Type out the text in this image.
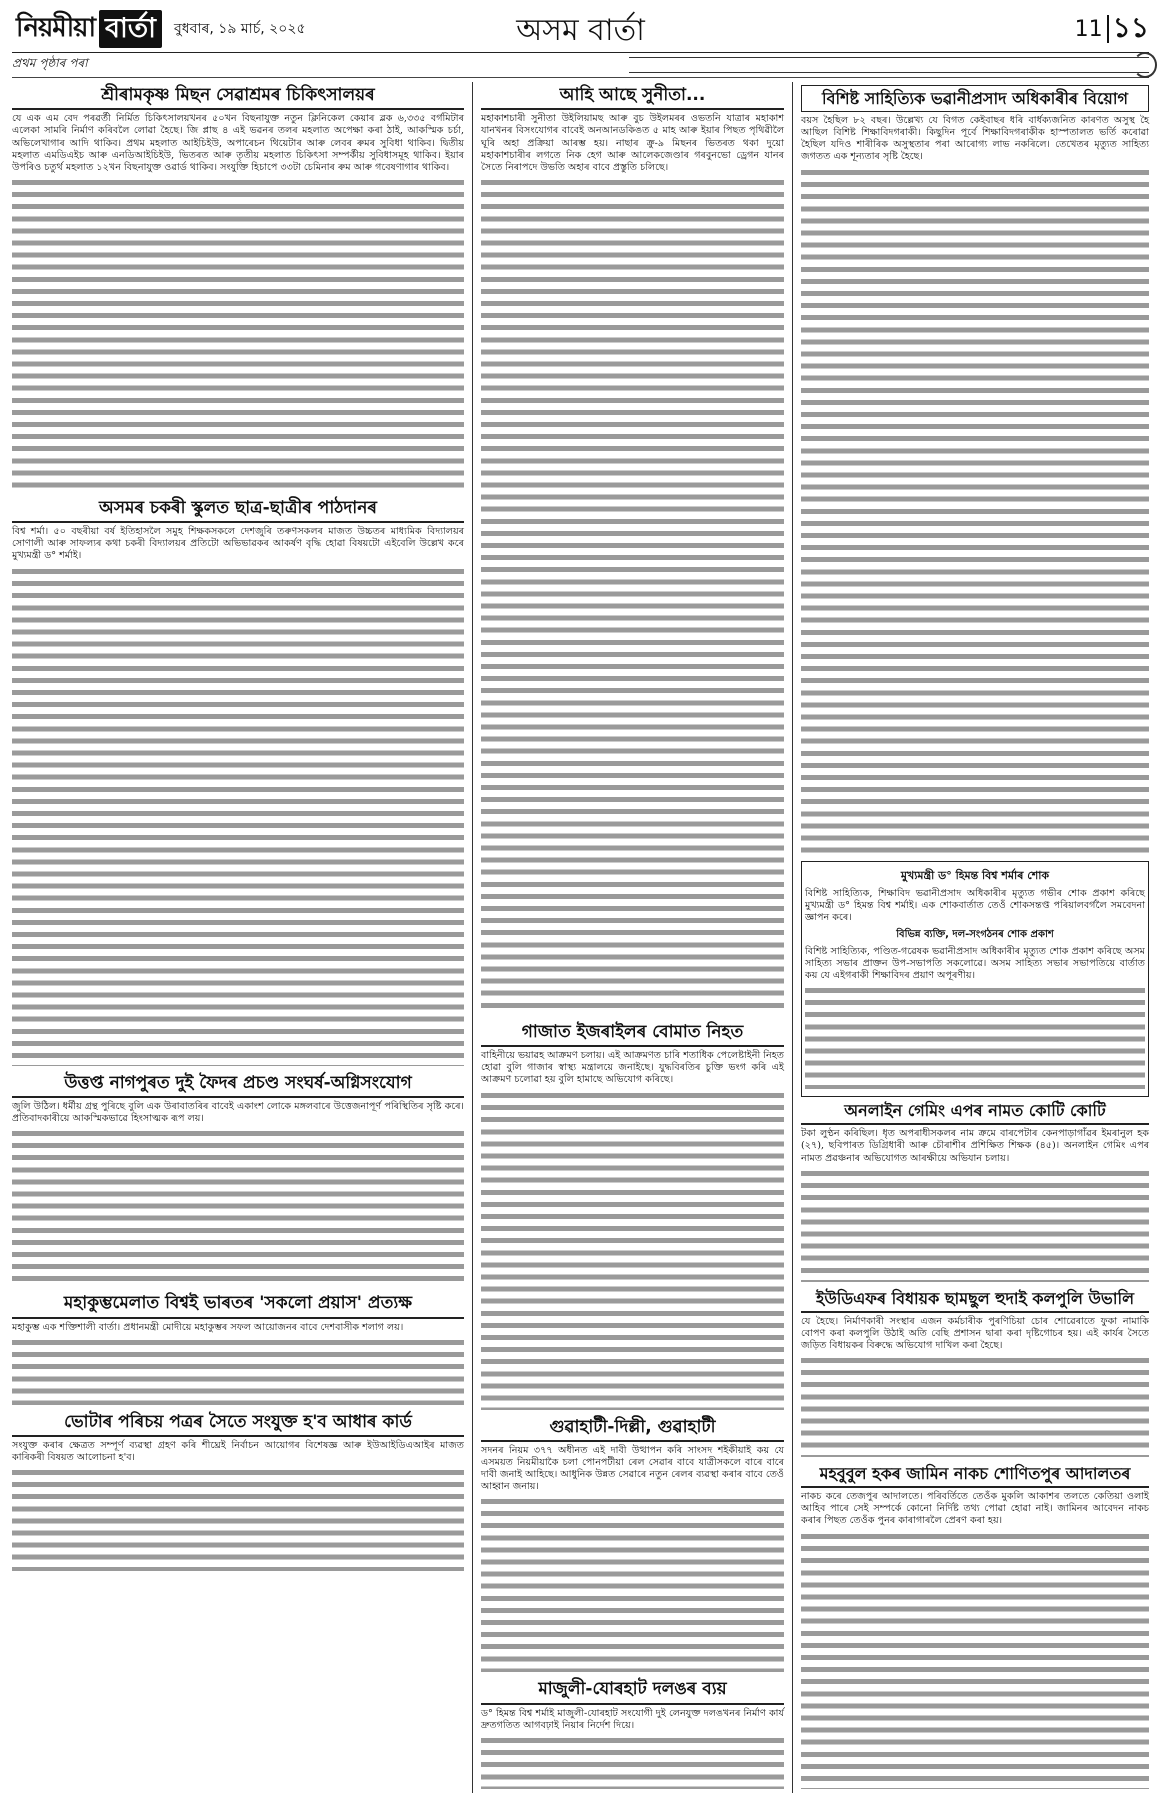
নিয়মীয়া বার্তা	বুধবাৰ, ১৯ মার্চ, ২০২৫	অসম বার্তা	11 ১১
প্ৰথম পৃষ্ঠাৰ পৰা
শ্ৰীৰামকৃষ্ণ মিছন সেৱাশ্ৰমৰ চিকিৎসালয়ৰ

যে এক এম বেদ পৰৱৰ্তী নিৰ্মিত চিকিৎসালয়খনৰ ৫০খন বিছনাযুক্ত নতুন ক্লিনিকেল কেয়াৰ ব্লক ৬,৩৩৫ বৰ্গমিটাৰ এলেকা সামৰি নিৰ্মাণ কৰিবলৈ লোৱা হৈছে। জি প্লাছ ৪ এই ভৱনৰ তলৰ মহলাত অপেক্ষা কৰা ঠাই, আকস্মিক চৰ্চা, অভিলেখাগাৰ আদি থাকিব। প্ৰথম মহলাত আইচিইউ, অপাৰেচন থিয়েটাৰ আৰু লেবৰ ৰুমৰ সুবিধা থাকিব। দ্বিতীয় মহলাত এমডিএইচ আৰু এনডিআইচিইউ, ভিতৰত আৰু তৃতীয় মহলাত চিকিৎসা সম্পৰ্কীয় সুবিধাসমূহ থাকিব। ইয়াৰ উপৰিও চতুৰ্থ মহলাত ১২খন বিছনাযুক্ত ওৱাৰ্ড থাকিব। সংযুক্তি হিচাপে ৩৩টা চেমিনাৰ ৰুম আৰু গবেষণাগাৰ থাকিব।

অসমৰ চকৰী স্কুলত ছাত্ৰ-ছাত্ৰীৰ পাঠদানৰ

বিশ্ব শৰ্মা। ৫০ বছৰীয়া বৰ্ষ ইতিহাসলৈ সমুহ শিক্ষকসকলে দেশজুৰি তৰুণসকলৰ মাজত উচ্চতৰ মাধ্যমিক বিদ্যালয়ৰ সোণালী আৰু সাফল্যৰ কথা চকৰী বিদ্যালয়ৰ প্ৰতিটো অভিভাৱকৰ আকৰ্ষণ বৃদ্ধি হোৱা বিষয়টো এইবেলি উল্লেখ কৰে মুখ্যমন্ত্ৰী ড° শৰ্মাই।

উত্তপ্ত নাগপুৰত দুই ফৈদৰ প্ৰচণ্ড সংঘৰ্ষ-অগ্নিসংযোগ

জুলি উঠিল। ধৰ্মীয় গ্ৰন্থ পুৰিছে বুলি এক উৰাবাতৰিৰ বাবেই একাংশ লোকে মঙ্গলবাৰে উত্তেজনাপূৰ্ণ পৰিস্থিতিৰ সৃষ্টি কৰে। প্ৰতিবাদকাৰীয়ে আকস্মিকভাৱে হিংসাত্মক ৰূপ লয়।

মহাকুম্ভমেলাত বিশ্বই ভাৰতৰ 'সকলো প্ৰয়াস' প্ৰত্যক্ষ

মহাকুম্ভ এক শক্তিশালী বাৰ্তা। প্ৰধানমন্ত্ৰী মোদীয়ে মহাকুম্ভৰ সফল আয়োজনৰ বাবে দেশবাসীক শলাগ লয়।

ভোটাৰ পৰিচয় পত্ৰৰ সৈতে সংযুক্ত হ'ব আধাৰ কাৰ্ড

সংযুক্ত কৰাৰ ক্ষেত্ৰত সম্পূৰ্ণ ব্যৱস্থা গ্ৰহণ কৰি শীঘ্ৰেই নিৰ্বাচন আয়োগৰ বিশেষজ্ঞ আৰু ইউআইডিএআইৰ মাজত কাৰিকৰী বিষয়ত আলোচনা হ'ব।

আহি আছে সুনীতা...

মহাকাশচাৰী সুনীতা উইলিয়ামছ আৰু বুচ উইলমৰৰ ওভতনি যাত্ৰাৰ মহাকাশ যানখনৰ বিসংযোগৰ বাবেই অনআনডকিঙত ৫ মাহ আৰু ইয়াৰ পিছত পৃথিৱীলৈ ঘূৰি অহা প্ৰক্ৰিয়া আৰম্ভ হয়। নাছাৰ ক্ৰু-৯ মিছনৰ ভিতৰত থকা দুয়ো মহাকাশচাৰীৰ লগতে নিক হেগ আৰু আলেকজেণ্ডাৰ গৰবুনভো ড্ৰেগন যানৰ সৈতে নিৰাপদে উভতি অহাৰ বাবে প্ৰস্তুতি চলিছে।

গাজাত ইজৰাইলৰ বোমাত নিহত

বাহিনীয়ে ভয়াৱহ আক্ৰমণ চলায়। এই আক্ৰমণত চাৰি শতাধিক পেলেষ্টাইনী নিহত হোৱা বুলি গাজাৰ স্বাস্থ্য মন্ত্ৰালয়ে জনাইছে। যুদ্ধবিৰতিৰ চুক্তি ভংগ কৰি এই আক্ৰমণ চলোৱা হয় বুলি হামাছে অভিযোগ কৰিছে।

গুৱাহাটী-দিল্লী, গুৱাহাটী

সদনৰ নিয়ম ৩৭৭ অধীনত এই দাবী উত্থাপন কৰি সাংসদ শইকীয়াই কয় যে এসময়ত নিয়মীয়াকৈ চলা পোনপটীয়া ৰেল সেৱাৰ বাবে যাত্ৰীসকলে বাৰে বাৰে দাবী জনাই আহিছে। আধুনিক উন্নত সেৱাৰে নতুন ৰেলৰ ব্যৱস্থা কৰাৰ বাবে তেওঁ আহ্বান জনায়।

মাজুলী-যোৰহাট দলঙৰ ব্যয়

ড° হিমন্ত বিশ্ব শৰ্মাই মাজুলী-যোৰহাট সংযোগী দুই লেনযুক্ত দলঙখনৰ নিৰ্মাণ কাৰ্য দ্ৰুতগতিত আগবঢ়াই নিয়াৰ নিৰ্দেশ দিয়ে।

বিশিষ্ট সাহিত্যিক ভৱানীপ্ৰসাদ অধিকাৰীৰ বিয়োগ

বয়স হৈছিল ৮২ বছৰ। উল্লেখ্য যে বিগত কেইবাছৰ ধৰি বাৰ্ধক্যজনিত কাৰণত অসুস্থ হৈ আছিল বিশিষ্ট শিক্ষাবিদগৰাকী। কিছুদিন পূৰ্বে শিক্ষাবিদগৰাকীক হাস্পতালত ভৰ্তি কৰোৱা হৈছিল যদিও শাৰীৰিক অসুস্থতাৰ পৰা আৰোগ্য লাভ নকৰিলে। তেখেতৰ মৃত্যুত সাহিত্য জগতত এক শূন্যতাৰ সৃষ্টি হৈছে।

মুখ্যমন্ত্ৰী ড° হিমন্ত বিশ্ব শৰ্মাৰ শোক

বিশিষ্ট সাহিত্যিক, শিক্ষাবিদ ভৱানীপ্ৰসাদ অধিকাৰীৰ মৃত্যুত গভীৰ শোক প্ৰকাশ কৰিছে মুখ্যমন্ত্ৰী ড° হিমন্ত বিশ্ব শৰ্মাই। এক শোকবাৰ্তাত তেওঁ শোকসন্তপ্ত পৰিয়ালবৰ্গলৈ সমবেদনা জ্ঞাপন কৰে।

বিভিন্ন ব্যক্তি, দল-সংগঠনৰ শোক প্ৰকাশ

বিশিষ্ট সাহিত্যিক, পণ্ডিত-গৱেষক ভৱানীপ্ৰসাদ অধিকাৰীৰ মৃত্যুত শোক প্ৰকাশ কৰিছে অসম সাহিত্য সভাৰ প্ৰাক্তন উপ-সভাপতি সকলোৱে। অসম সাহিত্য সভাৰ সভাপতিয়ে বাৰ্তাত কয় যে এইগৰাকী শিক্ষাবিদৰ প্ৰয়াণ অপূৰণীয়।

অনলাইন গেমিং এপৰ নামত কোটি কোটি

টকা লুণ্ঠন কৰিছিল। ধৃত অপৰাধীসকলৰ নাম ক্ৰমে বাৰপেটাৰ কেনপাড়াগাঁৱৰ ইমৰানুল হক (২৭), ছবিপাৰত ডিগ্ৰিধাৰী আৰু চৌৰাশীৰ প্ৰশিক্ষিত শিক্ষক (৪৫)। অনলাইন গেমিং এপৰ নামত প্ৰৱঞ্চনাৰ অভিযোগত আৰক্ষীয়ে অভিযান চলায়।

ইউডিএফৰ বিধায়ক ছামছুল হুদাই কলপুলি উভালি

যে হৈছে। নিৰ্মাণকাৰী সংস্থাৰ এজন কৰ্মচাৰীক পুৰণিচিয়া চোৰ শোৱেৰাতে ফুকা নামাকি বোপণ কৰা কলপুলি উঠাই অতি বেছি প্ৰশাসন দ্বাৰা কৰা দৃষ্টিগোচৰ হয়। এই কাৰ্যৰ সৈতে জড়িত বিধায়কৰ বিৰুদ্ধে অভিযোগ দাখিল কৰা হৈছে।

মহবুবুল হকৰ জামিন নাকচ শোণিতপুৰ আদালতৰ

নাকচ কৰে তেজপুৰ আদালতে। পৰিবৰ্তিতে তেওঁক মুকলি আকাশৰ তলতে কেতিয়া ওলাই আহিব পাৰে সেই সম্পৰ্কে কোনো নিৰ্দিষ্ট তথ্য পোৱা হোৱা নাই। জামিনৰ আবেদন নাকচ কৰাৰ পিছত তেওঁক পুনৰ কাৰাগাৰলৈ প্ৰেৰণ কৰা হয়।
